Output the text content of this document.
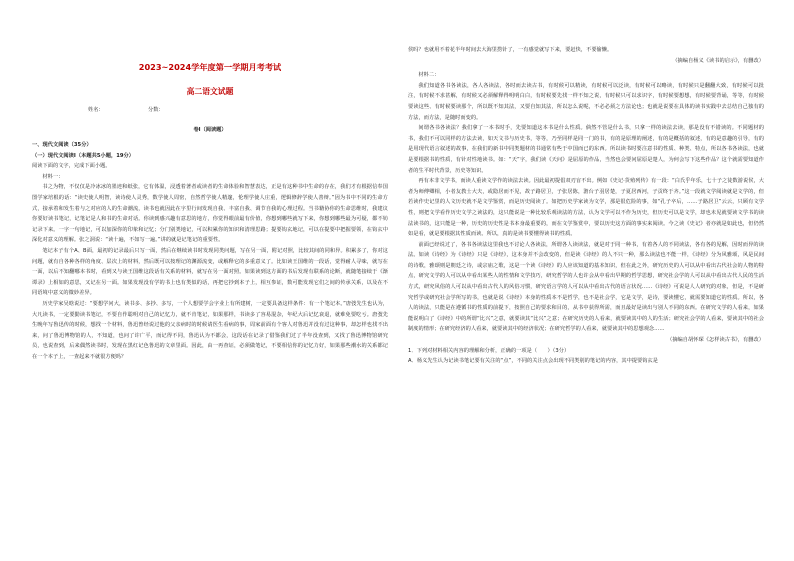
2023~2024学年度第一学期月考考试
高二语文试题
姓名：	分数：
卷Ⅰ（阅读题）

一、现代文阅读（35分）

（一）现代文阅读Ⅰ（本题共5小题，19分）

阅读下面的文字，完成下面小题。

材料一：

书之为物，不仅仅是冷冰冰的墨迹和纸张，它有体温，浸透着著者或读者的生命体验和智慧表达，正是有这种书中生命的存在，我们才有根据信奉国图学家培根的话：“读史使人明智，读诗使人灵秀，数学使人周密，自然哲学使人精邃，伦理学使人庄重，逻辑修辞学使人善辩。”因为书中不同的生命方式，接承着和发生着与之对应的人的生命潮流，读书也就因此在字里行间发现自我、丰富自我、调节自我的心理过程。当书籍协你的生命思维时，我建议你要好读书笔记，记笔记是人和书的生命对话。你读到感兴趣有意思的地方，你觉得眼前最有价值，你想到哪些就写下来，你想到哪些最为可疑，都不妨记录下来。一字一句地记，可以加深你的印象和记忆；分门别类地记，可以积累你的知识和清理思路；提要钩玄地记，可以在提要中把握要领，在钩玄中深化对意义的理解。张之洞说：“读十遍，不如写一遍。”讲的就是记笔记的重要性。

笔记本子有个A、B面，最初的记录最后只写一面，然后在继续读书时发现同类问题，写在另一面，附记对照，比较其间的同和异。积累多了，你对这问题，就有自各种各样的角度、层次上的材料，然后既可以按理记的渊源流变，或解释它的多重意义了。比如读王国维的一段话，觉得耐人寻味，就写在一面，以后不知翻哪本书时，看到又与读王国维这段话有关系的材料，就写在另一面对照。如果读到这方面的书后发现有联系的论断，就随笔接续于《渐谭录》上相如的意思，又记在另一面。如果发现没有学的书上也有类似的话，再把它抄到本子上，相互参证，数可能发现它们之间的传承关系，以及在不同语境中意义的微妙差异。

历史学家吴晗说过：“要想学问大，读书多、多抄、多写，一个人想要学会字业上有所建树，一定要具备这样条件：有一个笔记本。”唐弢先生也认为，大凡读书，一定要勤读书笔记，不要自作聪明对自己的记忆力，就不肯笔记，如果那样，书读多了容易混杂，年纪大后记忆衰退，就难免要吃亏。唐弢先生晚年写鲁迅传的时候，想找一个材料，鲁迅曾经说过他的父亲病时的时候请医生看病的事，周家前面有个客人对鲁迅并没有过这种事，却怎样也找不出来，问了鲁迅博物馆的人，不知道，也问了许广平，而记得不同，鲁迅认为不都会，这段话在记录了借鉴我们过了半年没查到，又找了鲁迅博物馆研究员，也说查到，后来偶然读书时，发现在黑红记色鲁迅的文章里面。因此，由一再查证，必须做笔记，不要相信你的记忆力好，如果那些潮水的关系都记在一个本子上，一查起来不就很方便吗？

侯吗？也就用不着花半年时间去大海里捞针了，一有感觉就写下来，要赶快，不要偷懒。

（摘编自杨义《读书的启示》，有删改）

材料二：

我们知道各书各读法，各人各读法，各时而去读古书，有时候可以精读，有时候可以泛读，有时候可以略读，有时候只是翻翻大致，有时候可以批注，有时候不求甚解，有时候又必须解释得明明白白，有时候要先找一样不知之说，有时候只可以求识字，有时候要想想，有时候要背诵，等等，有时候要读这些、有时候要读那个，所以既不知其法，又要自知其法，所以怎么说呢，不必必须之方法论也；也就是说要在具体的读书实践中去总结自己独有的方法，而方法，是随时而变的。

间谓各书各读法？我们拿了一本书时手，先要知道这本书是什么性质。倘然不管是什么书，只拿一样的读法去读，那是没有不错读的。不同题材的书，我们不可以同样的方法去读，如天文书与历史书，等等，乃至同样是同一门的书，有的是原理的阐述，有的是概括的叙述，有的是意趣的引导，有的是用现代语言叙述的故事，在我们的新书中同类题材的书通常有些于中国而已的东西。所以读书时要注意书的性质、种类、特点，所以各书各读法，也就是要根据书的性质，有针对性地读书。如：“天”字，我们读《天问》是屈原的作品，当然也会要问屈原是楚人，为何会写下这些作品？这个就需要知道作者的生平时代背景，历史等知识。

再有本非文学书，而读人重读文学作的读法去读。因此最初提倡双刃盲不出。例如《史记·货殖列传》有一段：“白氏乎年乐，七十子之徒数游说侯，大者为师傅卿相，小者友教士大夫，或隐居而不见，故子路居卫，子张居陈，澹台子羽居楚，子夏居西河，子贡终于齐。”这一段就文学阅读就是文学的，但若读作史记里的人文历史就不是文学鉴赏，而是历史阅读了。如把历史学家读为文学，那是很危险的事，如“孔子卒后，……子路居卫”云云，只顾有文学性，则把文学看作历史文学之读法的，这只能说是一种比较乐观读法的方法，认为文学可以不作为历史，但历史可以是文学，却也未见就要读文学书的读法读书的，这只能是一种，历史的历史性是书本身最重要的，而在文学鉴赏中，要以历史这方面的事实来阅读。今之读《史记》者亦就是如此也，但仍然如是看，就是要根据其性质而读。所以，真的是读书要懂得读书的性质。

前面已经说过了，各书各读法这里我也不讨论人各读法，所谓各人读读法，就是对于同一种书，有着各人的不同读法，各有各的见解，因时而异的读法。如读《诗经》为《诗经》只是《诗经》，这本身并不会改变的，但是读《诗经》的人不只一种，那么读法也不能一样，《诗经》分为风雅颂，风是民间的诗歌，雅颂则是朝廷之诗，或宗庙之歌，这是一个读《诗经》的人应该知道的基本知识，但在此之外，研究历史的人可以从中看出古代社会的人物的特点，研究文学的人可以从中看出某些人的性情和文学技巧，研究哲学的人也许会从中看出早期的哲学思想，研究社会学的人可以从中看出古代人民的生活方式，研究风俗的人可以从中看出古代人的风俗习惯，研究语言学的人可以从中看出古代的语言状况……《诗经》可说是人人研究的对象，但是，不是研究哲学或研究社会学所写的书，也就是说《诗经》本身的性质本不是哲学，也不是社会学，它是文学，是诗，要读懂它，就需要知道它的性质。所以，各人的读法，只能是在遵循书的性质的前提下，按照自己的要求和目的，从书中获得所需，而且最好是读出与别人不同的东西。在研究文学的人看来，如果能说明白了《诗经》中的所谓“比兴”之意，就要读其“比兴”之意；在研究历史的人看来，就要读其中的人的生活；研究社会学的人看来，要读其中的社会制度的情形；在研究经济的人看来，就要读其中的经济状况；在研究哲学的人看来，就要读其中的思想观念……

（摘编自胡怀琛《怎样读古书》，有删改）

1．下列对材料相关内容的理解和分析，正确的一项是（　　）（3分）

A．杨义先生认为记读书笔记要有关注的“点”，不同的关注点会出现不同类别的笔记的内容，其中提要钩玄是
